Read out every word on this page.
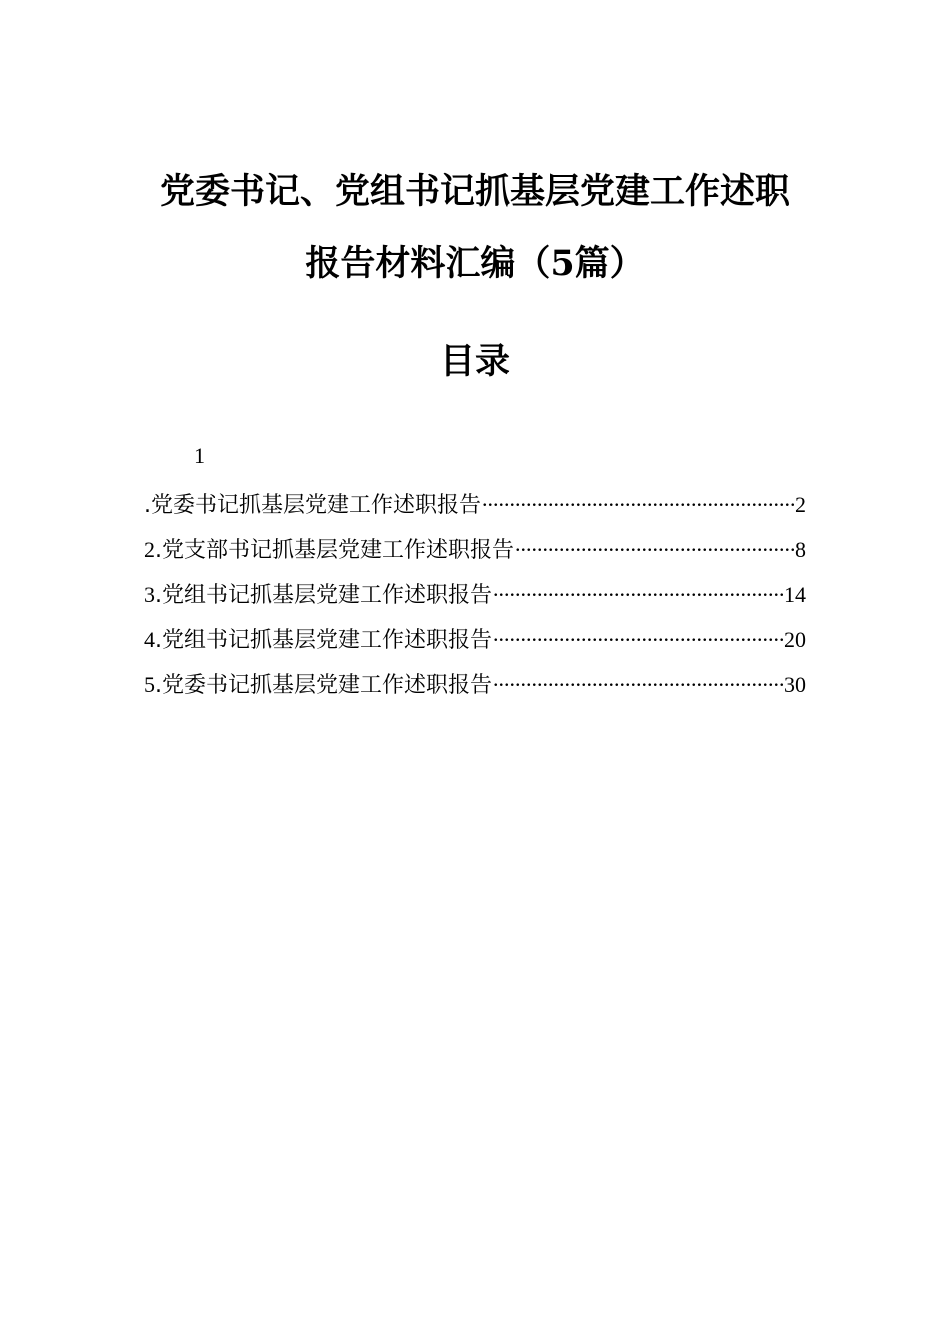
党委书记、党组书记抓基层党建工作述职
报告材料汇编（5篇）
目录
1
.党委书记抓基层党建工作述职报告 .....	2
2.党支部书记抓基层党建工作述职报告 .....	8
3.党组书记抓基层党建工作述职报告 .....	14
4.党组书记抓基层党建工作述职报告 .....	20
5.党委书记抓基层党建工作述职报告 .....	30
